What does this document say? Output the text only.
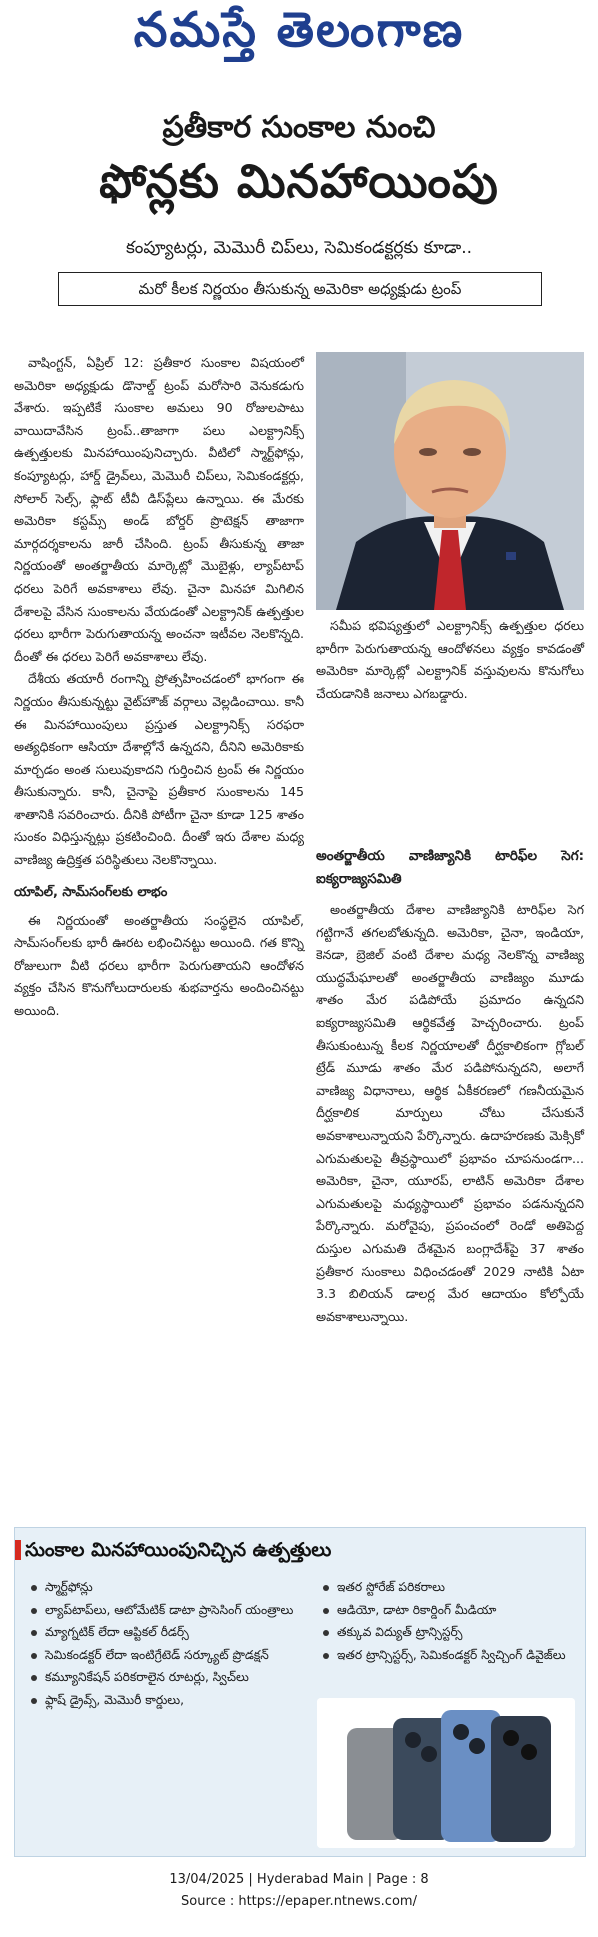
నమస్తే తెలంగాణ
ప్రతీకార సుంకాల నుంచి
ఫోన్లకు మినహాయింపు
కంప్యూటర్లు, మెమొరీ చిప్‌లు, సెమికండక్టర్లకు కూడా..
మరో కీలక నిర్ణయం తీసుకున్న అమెరికా అధ్యక్షుడు ట్రంప్

వాషింగ్టన్, ఏప్రిల్ 12: ప్రతీకార సుంకాల విషయంలో అమెరికా అధ్యక్షుడు డొనాల్డ్ ట్రంప్ మరోసారి వెనుకడుగు వేశారు. ఇప్పటికే సుంకాల అమలు 90 రోజులపాటు వాయిదావేసిన ట్రంప్..తాజాగా పలు ఎలక్ట్రానిక్స్ ఉత్పత్తులకు మినహాయింపునిచ్చారు. వీటిలో స్మార్ట్‌ఫోన్లు, కంప్యూటర్లు, హార్డ్ డ్రైవ్‌లు, మెమొరీ చిప్‌లు, సెమికండక్టర్లు, సోలార్ సెల్స్, ఫ్లాట్ టీవీ డిస్‌ప్లేలు ఉన్నాయి. ఈ మేరకు అమెరికా కస్టమ్స్ అండ్ బోర్డర్ ప్రొటెక్షన్ తాజాగా మార్గదర్శకాలను జారీ చేసింది. ట్రంప్ తీసుకున్న తాజా నిర్ణయంతో అంతర్జాతీయ మార్కెట్లో మొబైళ్లు, ల్యాప్‌టాప్ ధరలు పెరిగే అవకాశాలు లేవు. చైనా మినహా మిగిలిన దేశాలపై వేసిన సుంకాలను వేయడంతో ఎలక్ట్రానిక్ ఉత్పత్తుల ధరలు భారీగా పెరుగుతాయన్న అంచనా ఇటీవల నెలకొన్నది. దీంతో ఈ ధరలు పెరిగే అవకాశాలు లేవు.

దేశీయ తయారీ రంగాన్ని ప్రోత్సహించడంలో భాగంగా ఈ నిర్ణయం తీసుకున్నట్టు వైట్‌హౌజ్ వర్గాలు వెల్లడించాయి. కానీ ఈ మినహాయింపులు ప్రస్తుత ఎలక్ట్రానిక్స్ సరఫరా అత్యధికంగా ఆసియా దేశాల్లోనే ఉన్నదని, దీనిని అమెరికాకు మార్చడం అంత సులువుకాదని గుర్తించిన ట్రంప్ ఈ నిర్ణయం తీసుకున్నారు. కానీ, చైనాపై ప్రతీకార సుంకాలను 145 శాతానికి సవరించారు. దీనికి పోటీగా చైనా కూడా 125 శాతం సుంకం విధిస్తున్నట్లు ప్రకటించింది. దీంతో ఇరు దేశాల మధ్య వాణిజ్య ఉద్రిక్తత పరిస్థితులు నెలకొన్నాయి.

యాపిల్, సామ్‌సంగ్‌లకు లాభం

ఈ నిర్ణయంతో అంతర్జాతీయ సంస్థలైన యాపిల్, సామ్‌సంగ్‌లకు భారీ ఊరట లభించినట్టు అయింది. గత కొన్ని రోజులుగా వీటి ధరలు భారీగా పెరుగుతాయని ఆందోళన వ్యక్తం చేసిన కొనుగోలుదారులకు శుభవార్తను అందించినట్టు అయింది.

సమీప భవిష్యత్తులో ఎలక్ట్రానిక్స్ ఉత్పత్తుల ధరలు భారీగా పెరుగుతాయన్న ఆందోళనలు వ్యక్తం కావడంతో అమెరికా మార్కెట్లో ఎలక్ట్రానిక్ వస్తువులను కొనుగోలు చేయడానికి జనాలు ఎగబడ్డారు.

అంతర్జాతీయ వాణిజ్యానికి టారిఫ్‌ల సెగ: ఐక్యరాజ్యసమితి

అంతర్జాతీయ దేశాల వాణిజ్యానికి టారిఫ్‌ల సెగ గట్టిగానే తగలబోతున్నది. అమెరికా, చైనా, ఇండియా, కెనడా, బ్రెజిల్ వంటి దేశాల మధ్య నెలకొన్న వాణిజ్య యుద్ధమేఘాలతో అంతర్జాతీయ వాణిజ్యం మూడు శాతం మేర పడిపోయే ప్రమాదం ఉన్నదని ఐక్యరాజ్యసమితి ఆర్థికవేత్త హెచ్చరించారు. ట్రంప్ తీసుకుంటున్న కీలక నిర్ణయాలతో దీర్ఘకాలికంగా గ్లోబల్ ట్రేడ్ మూడు శాతం మేర పడిపోనున్నదని, అలాగే వాణిజ్య విధానాలు, ఆర్థిక ఏకీకరణలో గణనీయమైన దీర్ఘకాలిక మార్పులు చోటు చేసుకునే అవకాశాలున్నాయని పేర్కొన్నారు. ఉదాహరణకు మెక్సికో ఎగుమతులపై తీవ్రస్థాయిలో ప్రభావం చూపనుండగా... అమెరికా, చైనా, యూరప్, లాటిన్ అమెరికా దేశాల ఎగుమతులపై మధ్యస్థాయిలో ప్రభావం పడనున్నదని పేర్కొన్నారు. మరోవైపు, ప్రపంచంలో రెండో అతిపెద్ద దుస్తుల ఎగుమతి దేశమైన బంగ్లాదేశ్‌పై 37 శాతం ప్రతీకార సుంకాలు విధించడంతో 2029 నాటికి ఏటా 3.3 బిలియన్ డాలర్ల మేర ఆదాయం కోల్పోయే అవకాశాలున్నాయి.

సుంకాల మినహాయింపునిచ్చిన ఉత్పత్తులు
స్మార్ట్‌ఫోన్లు
ల్యాప్‌టాప్‌లు, ఆటోమేటిక్ డాటా ప్రాసెసింగ్ యంత్రాలు
మ్యాగ్నటిక్ లేదా ఆప్టికల్ రీడర్స్
సెమికండక్టర్ లేదా ఇంటిగ్రేటెడ్ సర్క్యూట్ ప్రొడక్షన్
కమ్యూనికేషన్ పరికరాలైన రూటర్లు, స్విచ్‌లు
ఫ్లాష్ డ్రైవ్స్, మెమొరీ కార్డులు,
ఇతర స్టోరేజ్ పరికరాలు
ఆడియో, డాటా రికార్డింగ్ మీడియా
తక్కువ విద్యుత్ ట్రాన్సిస్టర్స్
ఇతర ట్రాన్సిస్టర్స్, సెమికండక్టర్ స్విచ్చింగ్ డివైజ్‌లు
13/04/2025 | Hyderabad Main | Page : 8
Source : https://epaper.ntnews.com/
